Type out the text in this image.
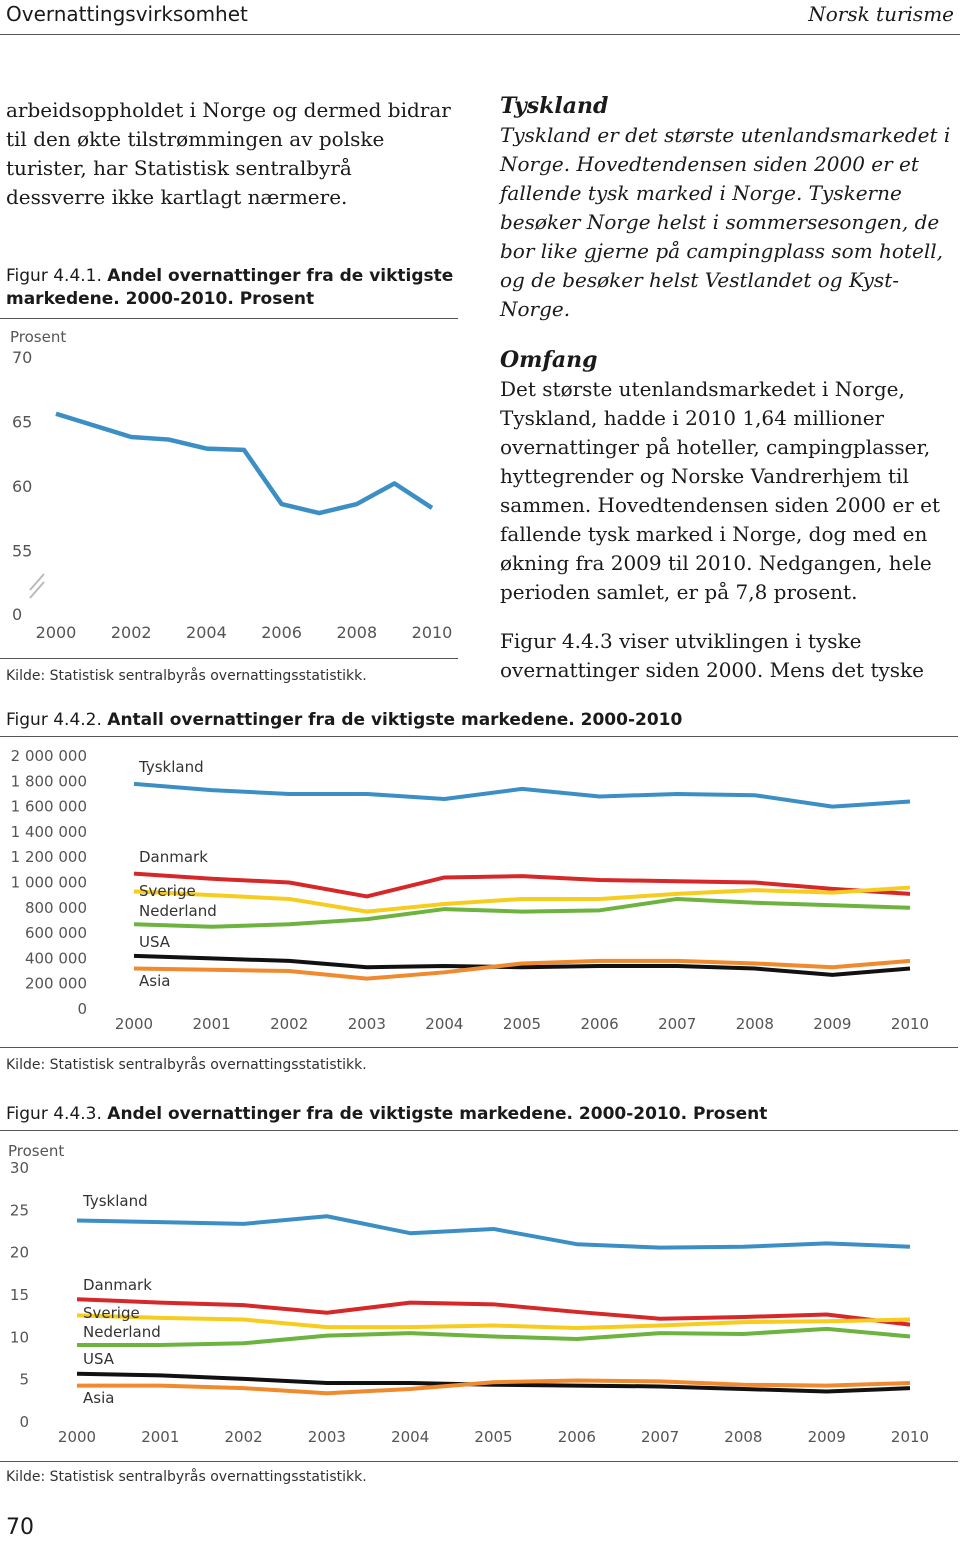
Overnattingsvirksomhet	Norsk turisme
arbeidsoppholdet i Norge og dermed bidrar til den økte tilstrømmingen av polske turister, har Statistisk sentralbyrå dessverre ikke kartlagt nærmere.
Figur 4.4.1. Andel overnattinger fra de viktigste markedene. 2000-2010. Prosent
Prosent
70
65
60
55
0
2000 2002 2004 2006 2008 2010
Kilde: Statistisk sentralbyrås overnattingsstatistikk.

Tyskland

Tyskland er det største utenlandsmarkedet i Norge. Hovedtendensen siden 2000 er et fallende tysk marked i Norge. Tyskerne besøker Norge helst i sommersesongen, de bor like gjerne på campingplass som hotell, og de besøker helst Vestlandet og Kyst-Norge.

Omfang

Det største utenlandsmarkedet i Norge, Tyskland, hadde i 2010 1,64 millioner overnattinger på hoteller, campingplasser, hyttegrender og Norske Vandrerhjem til sammen. Hovedtendensen siden 2000 er et fallende tysk marked i Norge, dog med en økning fra 2009 til 2010. Nedgangen, hele perioden samlet, er på 7,8 prosent.

Figur 4.4.3 viser utviklingen i tyske overnattinger siden 2000. Mens det tyske

Figur 4.4.2. Antall overnattinger fra de viktigste markedene. 2000-2010
2 000 000
1 800 000
1 600 000
1 400 000
1 200 000
1 000 000
800 000
600 000
400 000
200 000
0
2000	2001	2002	2003	2004	2005	2006	2007	2008	2009	2010
Tyskland
Danmark
Sverige
Nederland
USA
Asia
Kilde: Statistisk sentralbyrås overnattingsstatistikk.
Figur 4.4.3. Andel overnattinger fra de viktigste markedene. 2000-2010. Prosent
Prosent
30
25
20
15
10
5
0
2000	2001	2002	2003	2004	2005	2006	2007	2008	2009	2010
Tyskland
Danmark
Sverige
Nederland
USA
Asia
Kilde: Statistisk sentralbyrås overnattingsstatistikk.
70
